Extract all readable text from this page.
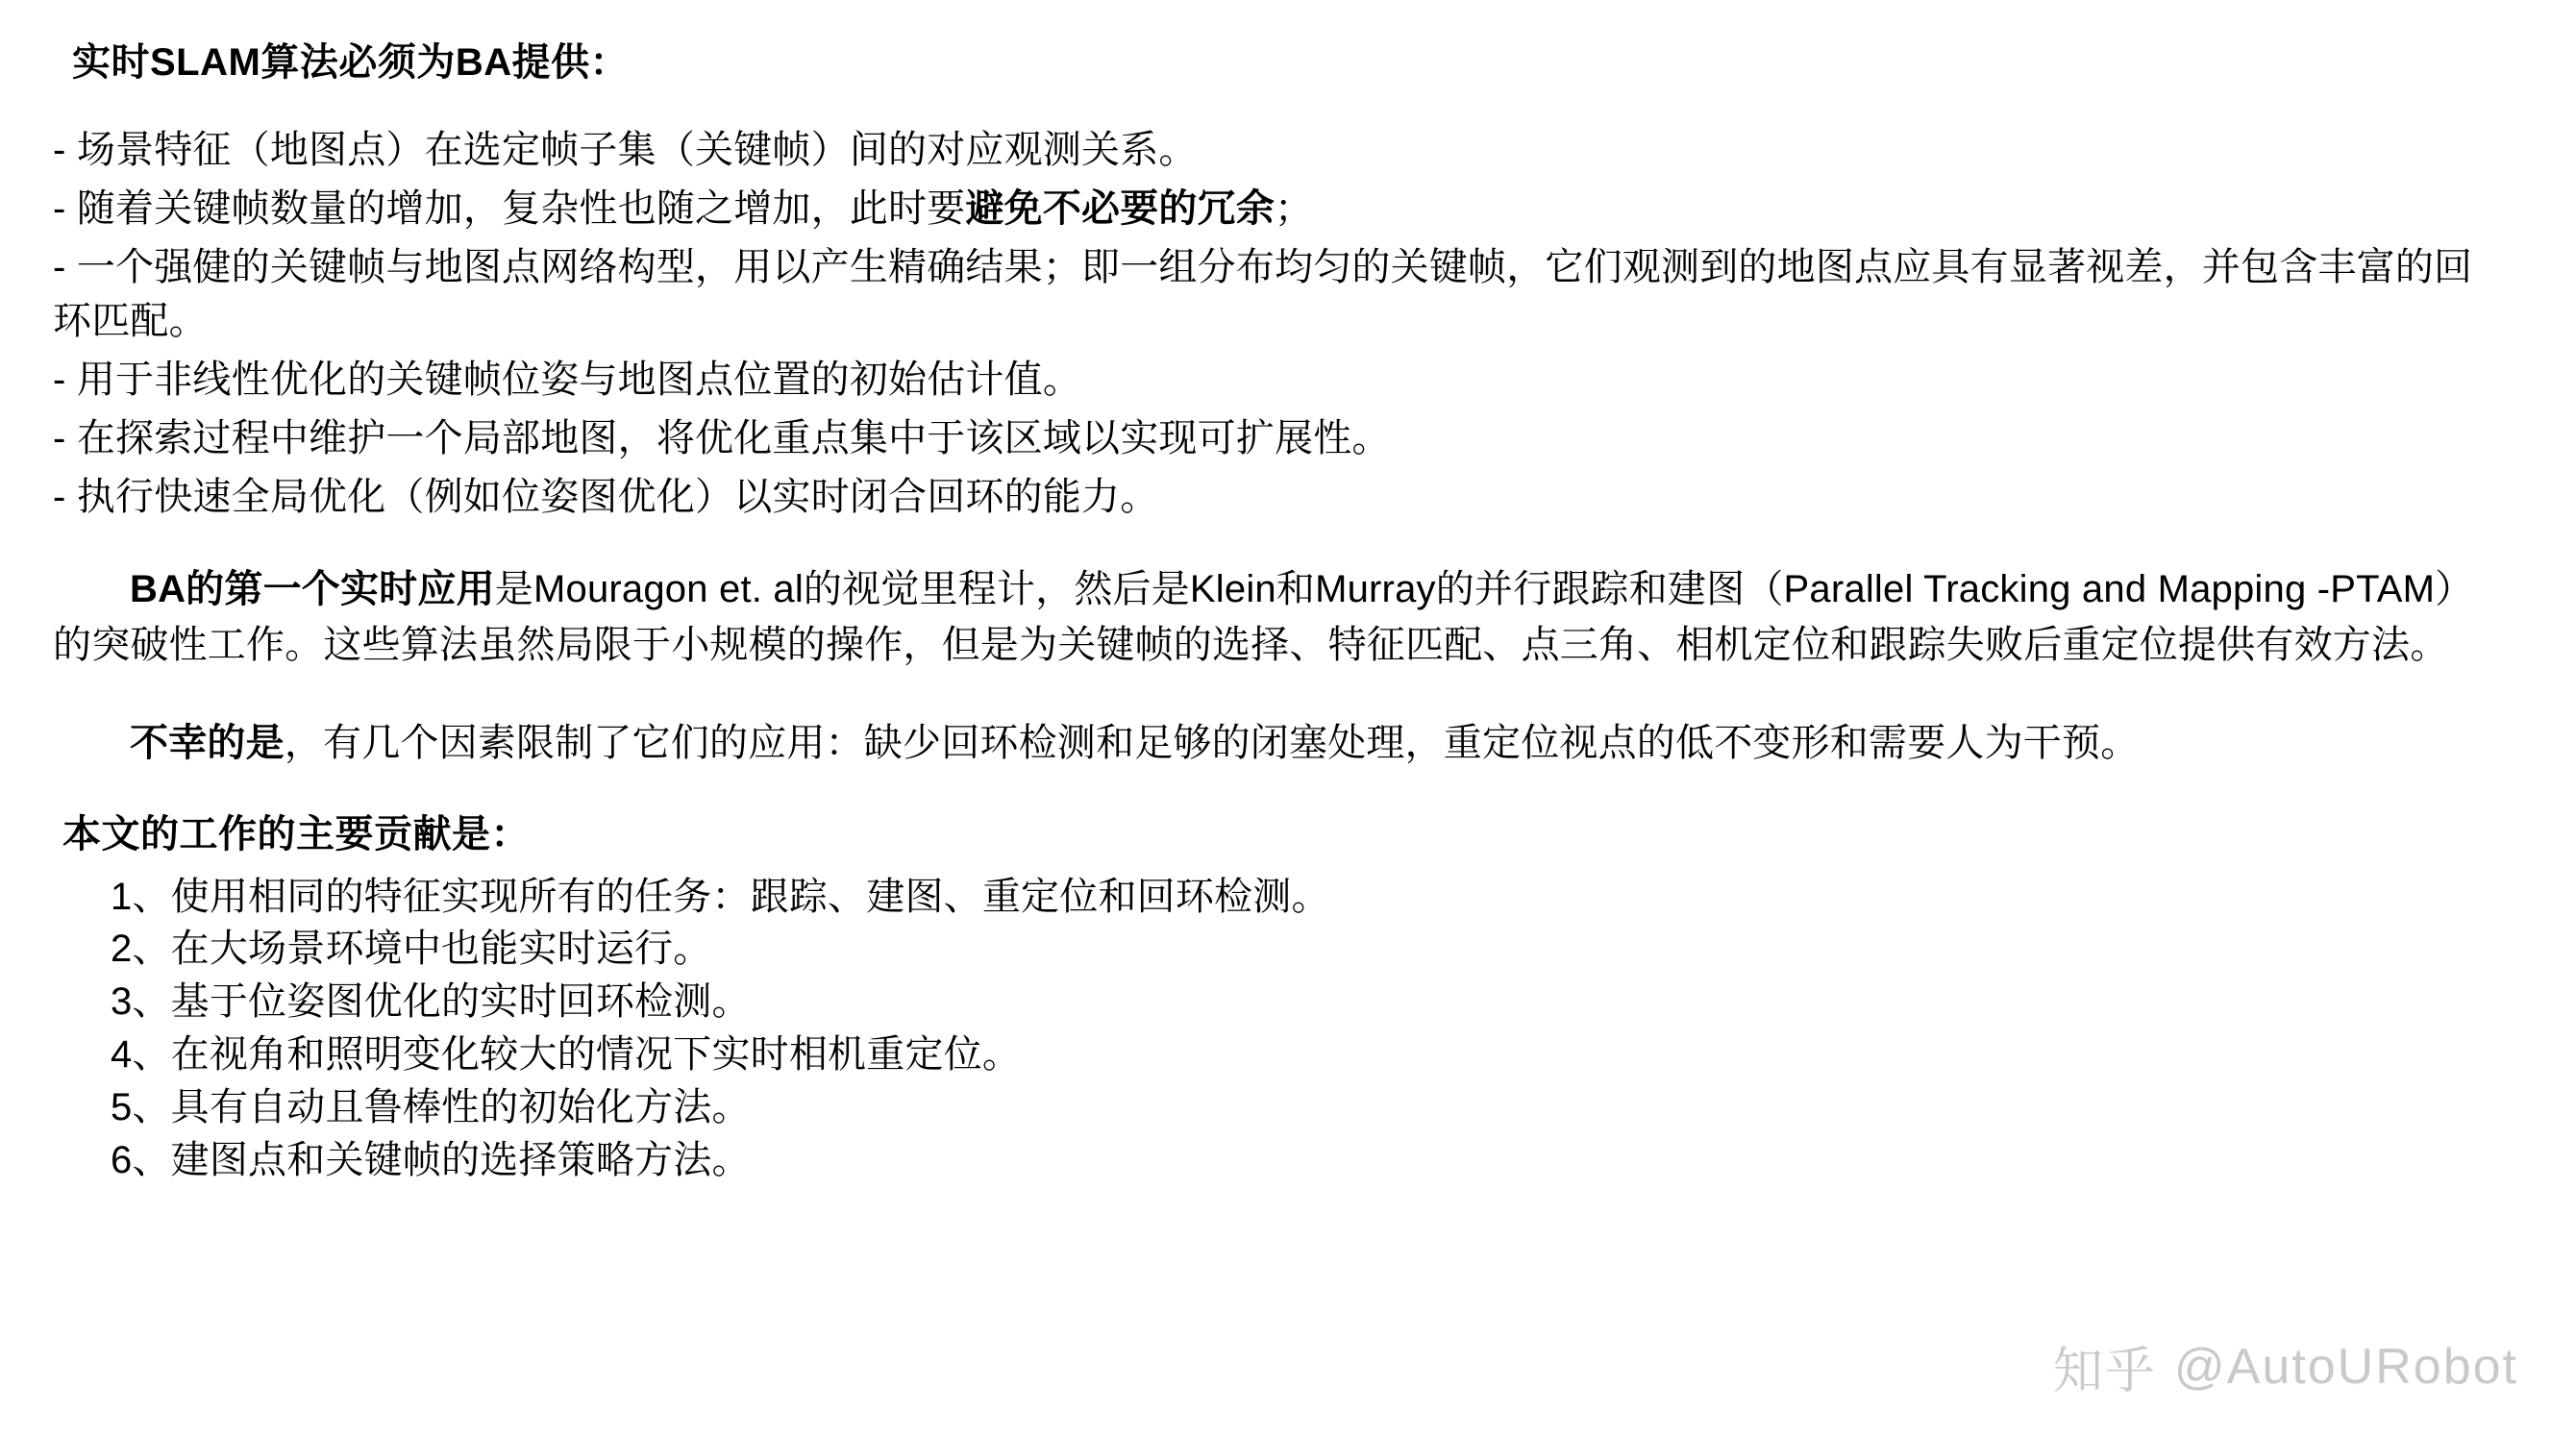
实时SLAM算法必须为BA提供：
- 场景特征（地图点）在选定帧子集（关键帧）间的对应观测关系。
- 随着关键帧数量的增加，复杂性也随之增加，此时要避免不必要的冗余；
- 一个强健的关键帧与地图点网络构型，用以产生精确结果；即一组分布均匀的关键帧，它们观测到的地图点应具有显著视差，并包含丰富的回环匹配。
- 用于非线性优化的关键帧位姿与地图点位置的初始估计值。
- 在探索过程中维护一个局部地图，将优化重点集中于该区域以实现可扩展性。
- 执行快速全局优化（例如位姿图优化）以实时闭合回环的能力。

BA的第一个实时应用是Mouragon et. al的视觉里程计，然后是Klein和Murray的并行跟踪和建图（Parallel Tracking and Mapping -PTAM）的突破性工作。这些算法虽然局限于小规模的操作，但是为关键帧的选择、特征匹配、点三角、相机定位和跟踪失败后重定位提供有效方法。

不幸的是，有几个因素限制了它们的应用：缺少回环检测和足够的闭塞处理，重定位视点的低不变形和需要人为干预。

本文的工作的主要贡献是：
1、使用相同的特征实现所有的任务：跟踪、建图、重定位和回环检测。
2、在大场景环境中也能实时运行。
3、基于位姿图优化的实时回环检测。
4、在视角和照明变化较大的情况下实时相机重定位。
5、具有自动且鲁棒性的初始化方法。
6、建图点和关键帧的选择策略方法。
知乎 @AutoURobot
